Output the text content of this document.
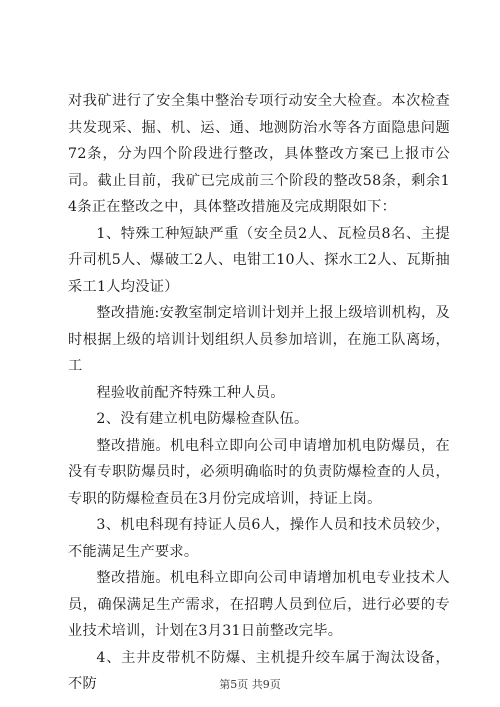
对我矿进行了安全集中整治专项行动安全大检查。本次检查共发现采、掘、机、运、通、地测防治水等各方面隐患问题72条，分为四个阶段进行整改，具体整改方案已上报市公司。截止目前，我矿已完成前三个阶段的整改58条，剩余14条正在整改之中，具体整改措施及完成期限如下：

1、特殊工种短缺严重（安全员2人、瓦检员8名、主提升司机5人、爆破工2人、电钳工10人、探水工2人、瓦斯抽采工1人均没证）

整改措施:安教室制定培训计划并上报上级培训机构，及时根据上级的培训计划组织人员参加培训，在施工队离场，工

程验收前配齐特殊工种人员。

2、没有建立机电防爆检查队伍。

整改措施。机电科立即向公司申请增加机电防爆员，在没有专职防爆员时，必须明确临时的负责防爆检查的人员，专职的防爆检查员在3月份完成培训，持证上岗。

3、机电科现有持证人员6人，操作人员和技术员较少，不能满足生产要求。

整改措施。机电科立即向公司申请增加机电专业技术人员，确保满足生产需求，在招聘人员到位后，进行必要的专业技术培训，计划在3月31日前整改完毕。

4、主井皮带机不防爆、主机提升绞车属于淘汰设备，不防	第5页 共9页
